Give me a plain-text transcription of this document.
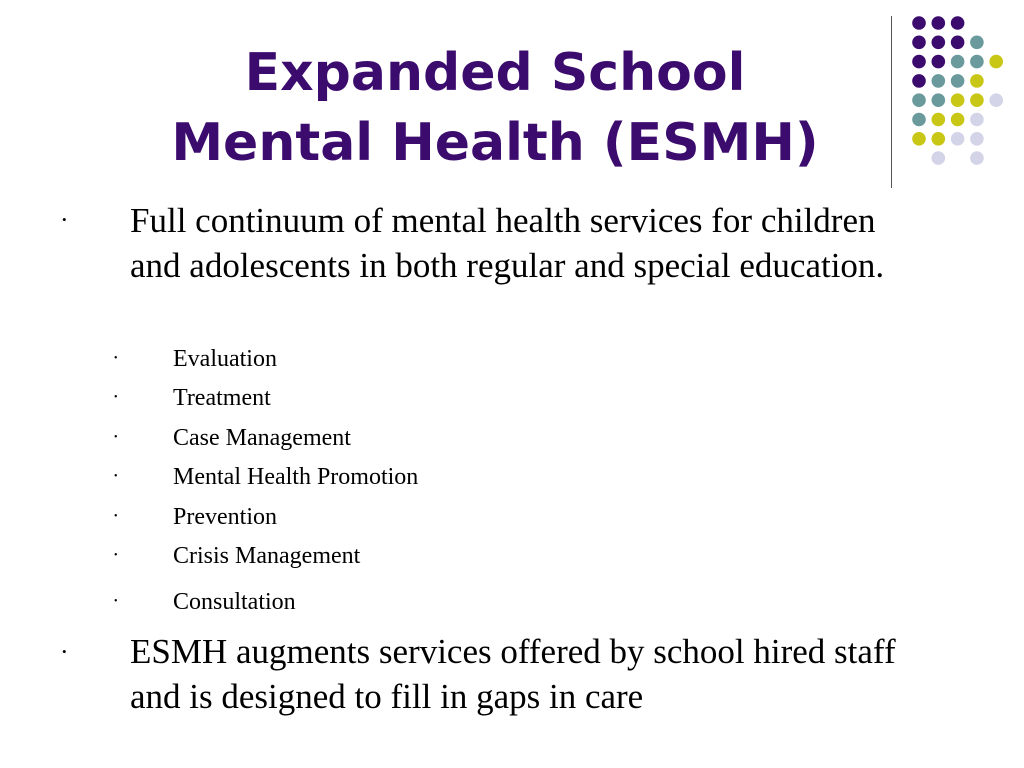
Expanded School
Mental Health (ESMH)
• Full continuum of mental health services for children and adolescents in both regular and special education.
• Evaluation
• Treatment
• Case Management
• Mental Health Promotion
• Prevention
• Crisis Management
• Consultation
• ESMH augments services offered by school hired staff and is designed to fill in gaps in care
